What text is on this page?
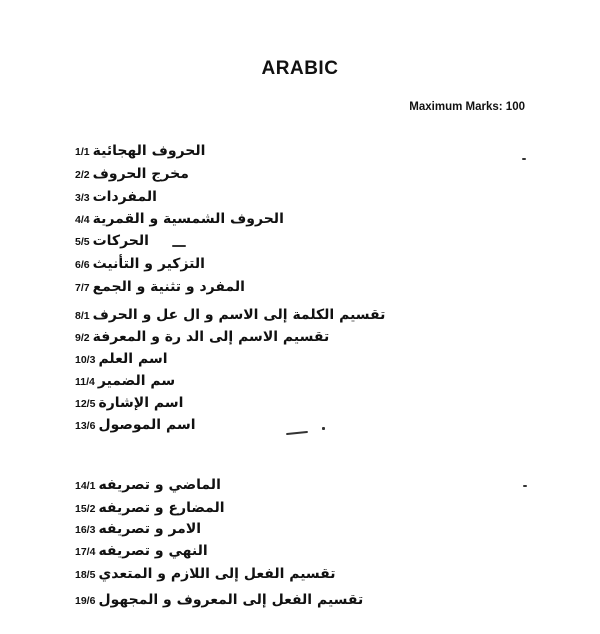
ARABIC
Maximum Marks: 100
1/1 الحروف الهجائية
2/2 مخرج الحروف
3/3 المفردات
4/4 الحروف الشمسية و القمرية
5/5 الحركات
6/6 التزكير و التأنيث
7/7 المفرد و تثنية و الجمع
8/1 تقسيم الكلمة إلى الاسم و ال عل و الحرف
9/2 تقسيم الاسم إلى الد رة و المعرفة
10/3 اسم العلم
11/4 سم الضمير
12/5 اسم الإشارة
13/6 اسم الموصول
14/1 الماضي و تصريفه
15/2 المضارع و تصريفه
16/3 الامر و تصريفه
17/4 النهي و تصريفه
18/5 تقسيم الفعل إلى اللازم و المتعدي
19/6 تقسيم الفعل إلى المعروف و المجهول
